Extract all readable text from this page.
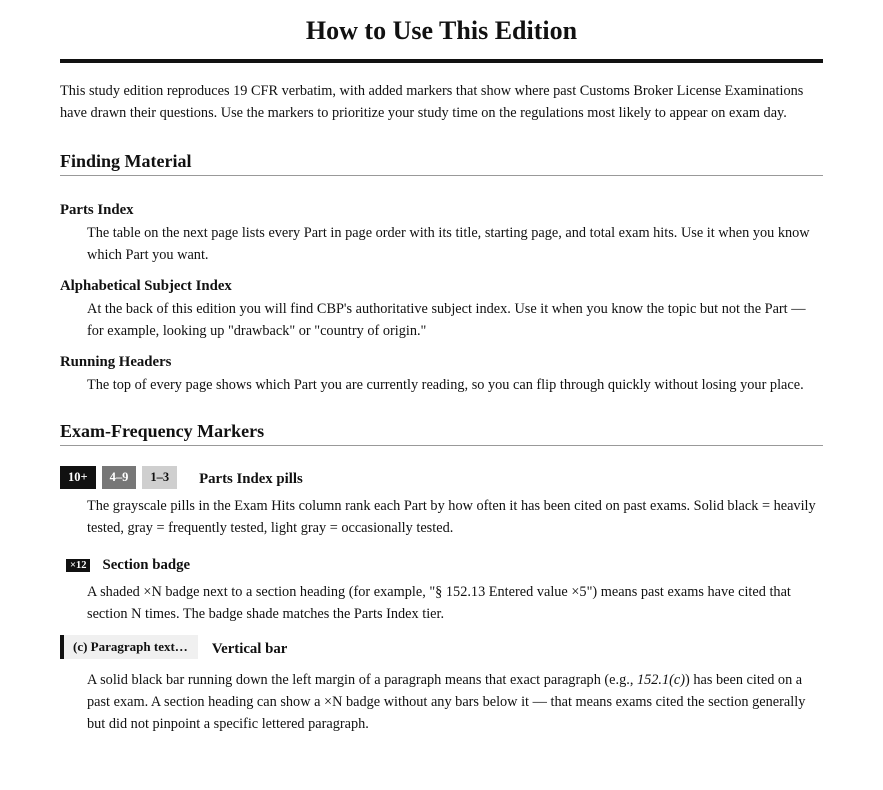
How to Use This Edition

This study edition reproduces 19 CFR verbatim, with added markers that show where past Customs Broker License Examinations have drawn their questions. Use the markers to prioritize your study time on the regulations most likely to appear on exam day.

Finding Material

Parts Index

The table on the next page lists every Part in page order with its title, starting page, and total exam hits. Use it when you know which Part you want.

Alphabetical Subject Index

At the back of this edition you will find CBP's authoritative subject index. Use it when you know the topic but not the Part — for example, looking up "drawback" or "country of origin."

Running Headers

The top of every page shows which Part you are currently reading, so you can flip through quickly without losing your place.

Exam-Frequency Markers
10+	4–9	1–3	Parts Index pills

The grayscale pills in the Exam Hits column rank each Part by how often it has been cited on past exams. Solid black = heavily tested, gray = frequently tested, light gray = occasionally tested.

×12 Section badge

A shaded ×N badge next to a section heading (for example, "§ 152.13 Entered value ×5") means past exams have cited that section N times. The badge shade matches the Parts Index tier.

(c) Paragraph text… Vertical bar

A solid black bar running down the left margin of a paragraph means that exact paragraph (e.g., 152.1(c)) has been cited on a past exam. A section heading can show a ×N badge without any bars below it — that means exams cited the section generally but did not pinpoint a specific lettered paragraph.
